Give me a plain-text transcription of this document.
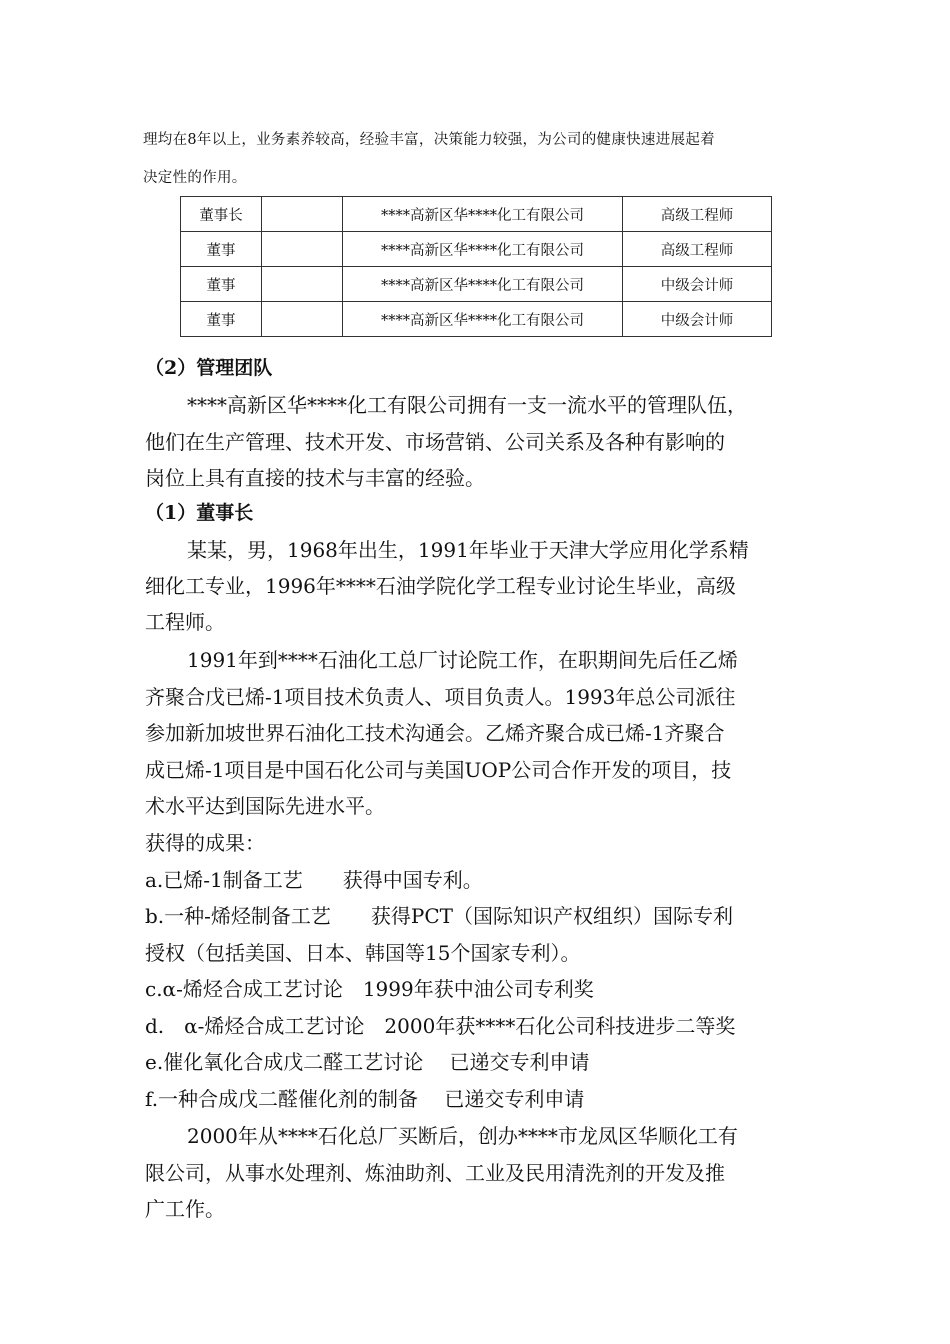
理均在8年以上，业务素养较高，经验丰富，决策能力较强，为公司的健康快速进展起着
决定性的作用。
董事长		****高新区华****化工有限公司	高级工程师
董事		****高新区华****化工有限公司	高级工程师
董事		****高新区华****化工有限公司	中级会计师
董事		****高新区华****化工有限公司	中级会计师
（2）管理团队
****高新区华****化工有限公司拥有一支一流水平的管理队伍，
他们在生产管理、技术开发、市场营销、公司关系及各种有影响的
岗位上具有直接的技术与丰富的经验。
（1）董事长
某某，男，1968年出生，1991年毕业于天津大学应用化学系精
细化工专业，1996年****石油学院化学工程专业讨论生毕业，高级
工程师。
1991年到****石油化工总厂讨论院工作，在职期间先后任乙烯
齐聚合戊已烯-1项目技术负责人、项目负责人。1993年总公司派往
参加新加坡世界石油化工技术沟通会。乙烯齐聚合成已烯-1齐聚合
成已烯-1项目是中国石化公司与美国UOP公司合作开发的项目，技
术水平达到国际先进水平。
获得的成果：
a.已烯-1制备工艺　　获得中国专利。
b.一种-烯烃制备工艺　　获得PCT（国际知识产权组织）国际专利
授权（包括美国、日本、韩国等15个国家专利）。
c.α-烯烃合成工艺讨论　1999年获中油公司专利奖
d.　α-烯烃合成工艺讨论　2000年获****石化公司科技进步二等奖
e.催化氧化合成戊二醛工艺讨论　 已递交专利申请
f.一种合成戊二醛催化剂的制备　 已递交专利申请
2000年从****石化总厂买断后，创办****市龙凤区华顺化工有
限公司，从事水处理剂、炼油助剂、工业及民用清洗剂的开发及推
广工作。
